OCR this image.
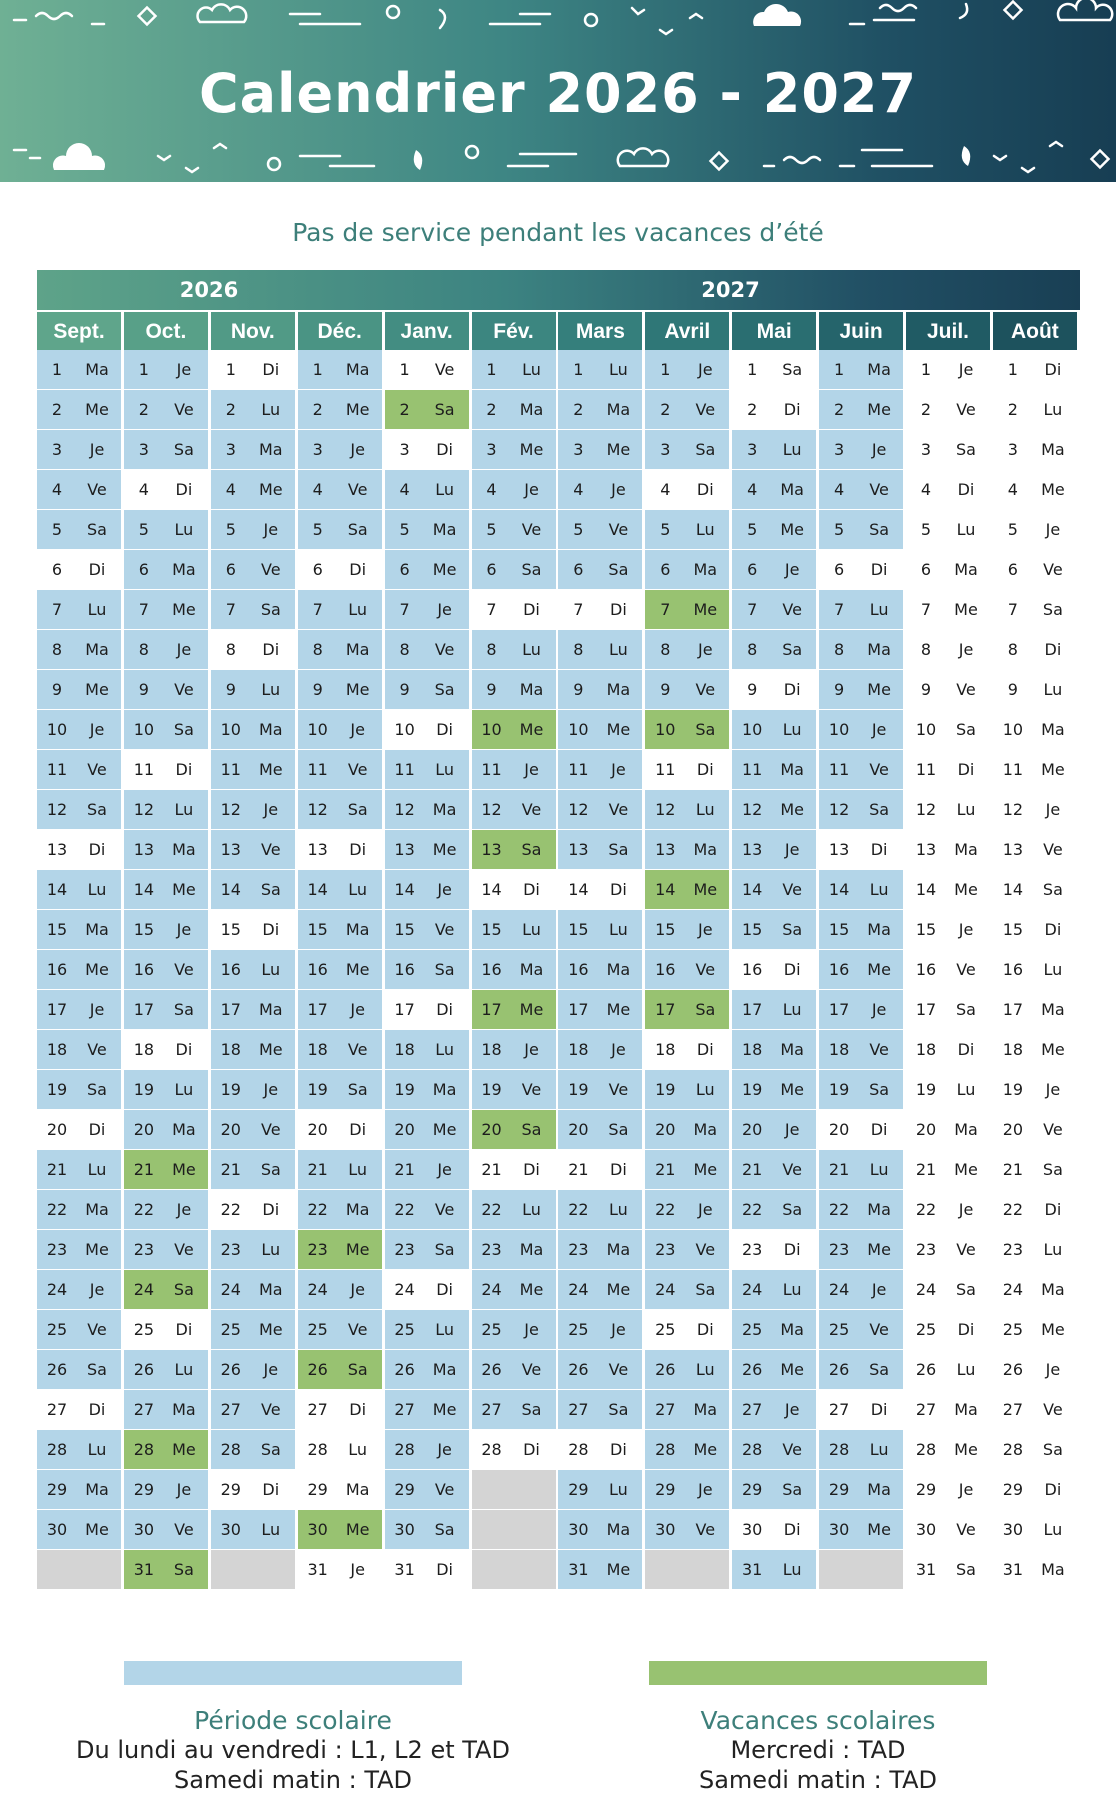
Calendrier 2026 - 2027
Pas de service pendant les vacances d’été
2026	2027
Sept.
1	Ma
2	Me
3	Je
4	Ve
5	Sa
6	Di
7	Lu
8	Ma
9	Me
10	Je
11	Ve
12	Sa
13	Di
14	Lu
15	Ma
16	Me
17	Je
18	Ve
19	Sa
20	Di
21	Lu
22	Ma
23	Me
24	Je
25	Ve
26	Sa
27	Di
28	Lu
29	Ma
30	Me
Oct.
1	Je
2	Ve
3	Sa
4	Di
5	Lu
6	Ma
7	Me
8	Je
9	Ve
10	Sa
11	Di
12	Lu
13	Ma
14	Me
15	Je
16	Ve
17	Sa
18	Di
19	Lu
20	Ma
21	Me
22	Je
23	Ve
24	Sa
25	Di
26	Lu
27	Ma
28	Me
29	Je
30	Ve
31	Sa
Nov.
1	Di
2	Lu
3	Ma
4	Me
5	Je
6	Ve
7	Sa
8	Di
9	Lu
10	Ma
11	Me
12	Je
13	Ve
14	Sa
15	Di
16	Lu
17	Ma
18	Me
19	Je
20	Ve
21	Sa
22	Di
23	Lu
24	Ma
25	Me
26	Je
27	Ve
28	Sa
29	Di
30	Lu
Déc.
1	Ma
2	Me
3	Je
4	Ve
5	Sa
6	Di
7	Lu
8	Ma
9	Me
10	Je
11	Ve
12	Sa
13	Di
14	Lu
15	Ma
16	Me
17	Je
18	Ve
19	Sa
20	Di
21	Lu
22	Ma
23	Me
24	Je
25	Ve
26	Sa
27	Di
28	Lu
29	Ma
30	Me
31	Je
Janv.
1	Ve
2	Sa
3	Di
4	Lu
5	Ma
6	Me
7	Je
8	Ve
9	Sa
10	Di
11	Lu
12	Ma
13	Me
14	Je
15	Ve
16	Sa
17	Di
18	Lu
19	Ma
20	Me
21	Je
22	Ve
23	Sa
24	Di
25	Lu
26	Ma
27	Me
28	Je
29	Ve
30	Sa
31	Di
Fév.
1	Lu
2	Ma
3	Me
4	Je
5	Ve
6	Sa
7	Di
8	Lu
9	Ma
10	Me
11	Je
12	Ve
13	Sa
14	Di
15	Lu
16	Ma
17	Me
18	Je
19	Ve
20	Sa
21	Di
22	Lu
23	Ma
24	Me
25	Je
26	Ve
27	Sa
28	Di
Mars
1	Lu
2	Ma
3	Me
4	Je
5	Ve
6	Sa
7	Di
8	Lu
9	Ma
10	Me
11	Je
12	Ve
13	Sa
14	Di
15	Lu
16	Ma
17	Me
18	Je
19	Ve
20	Sa
21	Di
22	Lu
23	Ma
24	Me
25	Je
26	Ve
27	Sa
28	Di
29	Lu
30	Ma
31	Me
Avril
1	Je
2	Ve
3	Sa
4	Di
5	Lu
6	Ma
7	Me
8	Je
9	Ve
10	Sa
11	Di
12	Lu
13	Ma
14	Me
15	Je
16	Ve
17	Sa
18	Di
19	Lu
20	Ma
21	Me
22	Je
23	Ve
24	Sa
25	Di
26	Lu
27	Ma
28	Me
29	Je
30	Ve
Mai
1	Sa
2	Di
3	Lu
4	Ma
5	Me
6	Je
7	Ve
8	Sa
9	Di
10	Lu
11	Ma
12	Me
13	Je
14	Ve
15	Sa
16	Di
17	Lu
18	Ma
19	Me
20	Je
21	Ve
22	Sa
23	Di
24	Lu
25	Ma
26	Me
27	Je
28	Ve
29	Sa
30	Di
31	Lu
Juin
1	Ma
2	Me
3	Je
4	Ve
5	Sa
6	Di
7	Lu
8	Ma
9	Me
10	Je
11	Ve
12	Sa
13	Di
14	Lu
15	Ma
16	Me
17	Je
18	Ve
19	Sa
20	Di
21	Lu
22	Ma
23	Me
24	Je
25	Ve
26	Sa
27	Di
28	Lu
29	Ma
30	Me
Juil.
1	Je
2	Ve
3	Sa
4	Di
5	Lu
6	Ma
7	Me
8	Je
9	Ve
10	Sa
11	Di
12	Lu
13	Ma
14	Me
15	Je
16	Ve
17	Sa
18	Di
19	Lu
20	Ma
21	Me
22	Je
23	Ve
24	Sa
25	Di
26	Lu
27	Ma
28	Me
29	Je
30	Ve
31	Sa
Août
1	Di
2	Lu
3	Ma
4	Me
5	Je
6	Ve
7	Sa
8	Di
9	Lu
10	Ma
11	Me
12	Je
13	Ve
14	Sa
15	Di
16	Lu
17	Ma
18	Me
19	Je
20	Ve
21	Sa
22	Di
23	Lu
24	Ma
25	Me
26	Je
27	Ve
28	Sa
29	Di
30	Lu
31	Ma
Période scolaire
Du lundi au vendredi : L1, L2 et TAD
Samedi matin : TAD
Vacances scolaires
Mercredi : TAD
Samedi matin : TAD
